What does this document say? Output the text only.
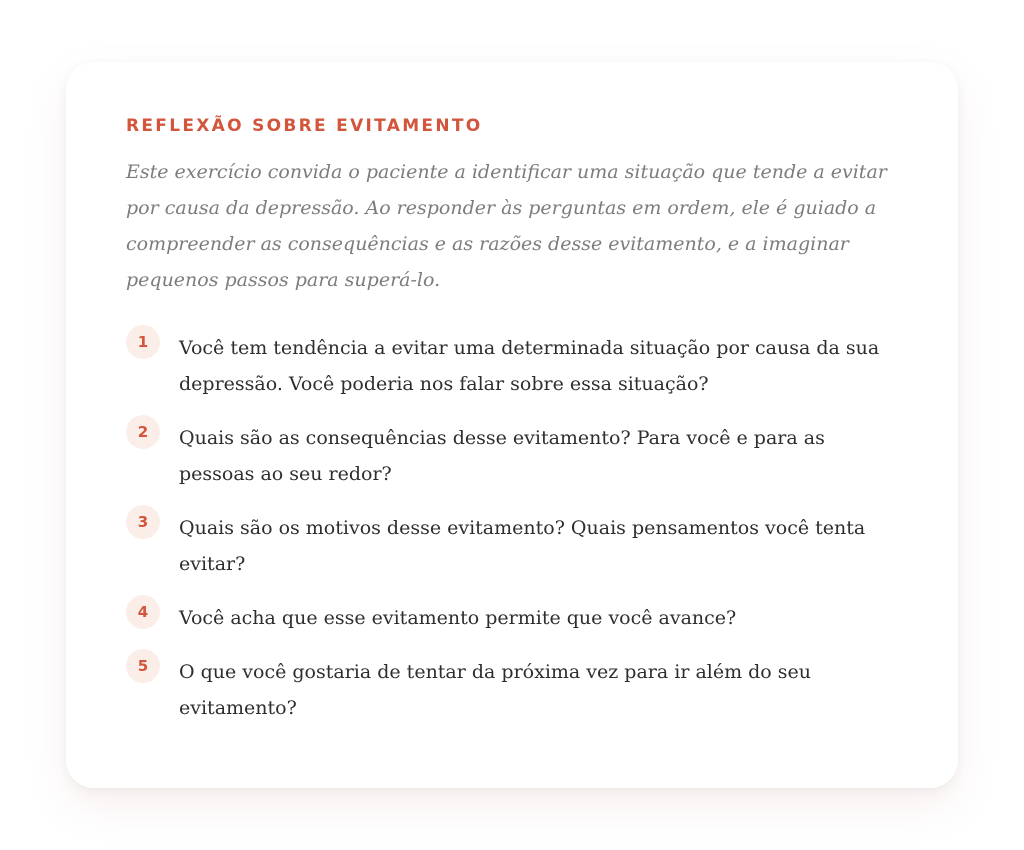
REFLEXÃO SOBRE EVITAMENTO

Este exercício convida o paciente a identificar uma situação que tende a evitar por causa da depressão. Ao responder às perguntas em ordem, ele é guiado a compreender as consequências e as razões desse evitamento, e a imaginar pequenos passos para superá-lo.

1	Você tem tendência a evitar uma determinada situação por causa da sua depressão. Você poderia nos falar sobre essa situação?
2	Quais são as consequências desse evitamento? Para você e para as pessoas ao seu redor?
3	Quais são os motivos desse evitamento? Quais pensamentos você tenta evitar?
4	Você acha que esse evitamento permite que você avance?
5	O que você gostaria de tentar da próxima vez para ir além do seu evitamento?
